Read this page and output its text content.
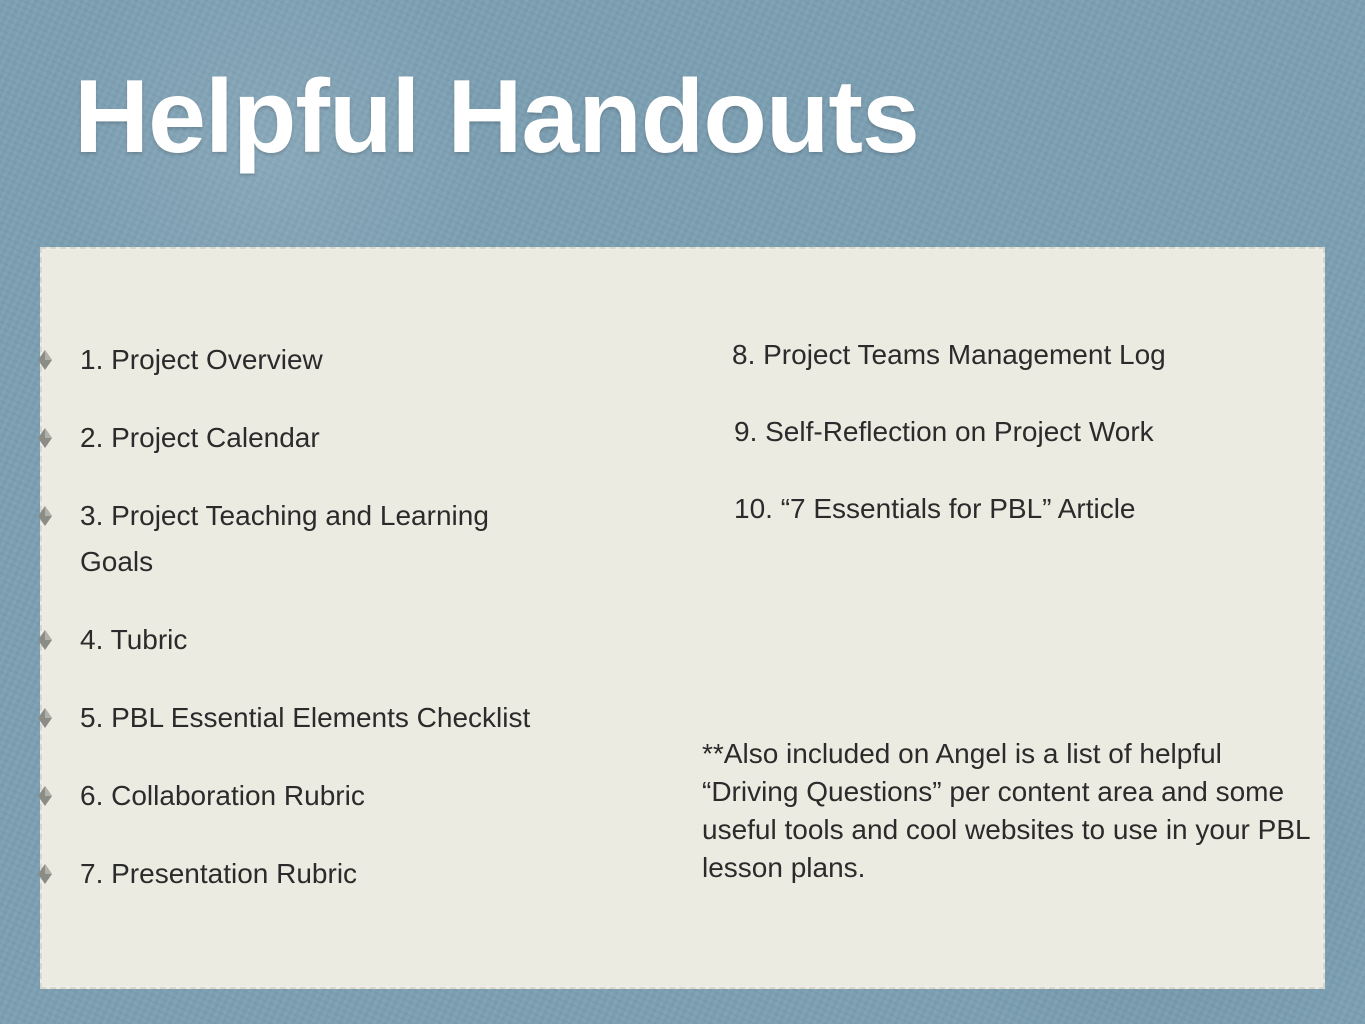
Helpful Handouts
1. Project Overview
2. Project Calendar
3. Project Teaching and Learning
Goals
4. Tubric
5. PBL Essential Elements Checklist
6. Collaboration Rubric
7. Presentation Rubric
8. Project Teams Management Log
9. Self-Reflection on Project Work
10. “7 Essentials for PBL” Article

**Also included on Angel is a list of helpful “Driving Questions” per content area and some useful tools and cool websites to use in your PBL lesson plans.
